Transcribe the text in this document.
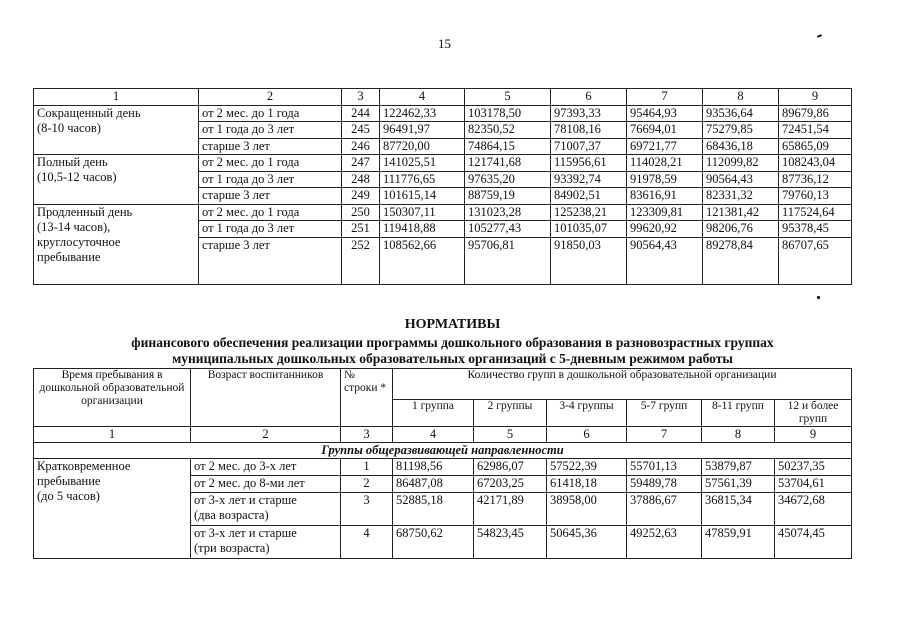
15
1	2	3	4	5	6	7	8	9

Сокращенный день
(8-10 часов)	от 2 мес. до 1 года	244	122462,33	103178,50	97393,33	95464,93	93536,64	89679,86
	от 1 года до 3 лет	245	96491,97	82350,52	78108,16	76694,01	75279,85	72451,54
	старше 3 лет	246	87720,00	74864,15	71007,37	69721,77	68436,18	65865,09

Полный день
(10,5-12 часов)	от 2 мес. до 1 года	247	141025,51	121741,68	115956,61	114028,21	112099,82	108243,04
	от 1 года до 3 лет	248	111776,65	97635,20	93392,74	91978,59	90564,43	87736,12
	старше 3 лет	249	101615,14	88759,19	84902,51	83616,91	82331,32	79760,13

Продленный день
(13-14 часов),
круглосуточное
пребывание	от 2 мес. до 1 года	250	150307,11	131023,28	125238,21	123309,81	121381,42	117524,64
	от 1 года до 3 лет	251	119418,88	105277,43	101035,07	99620,92	98206,76	95378,45
	старше 3 лет	252	108562,66	95706,81	91850,03	90564,43	89278,84	86707,65
НОРМАТИВЫ
финансового обеспечения реализации программы дошкольного образования в разновозрастных группах
муниципальных дошкольных образовательных организаций с 5-дневным режимом работы
Время пребывания в дошкольной образовательной организации	Возраст воспитанников	№ строки *	Количество групп в дошкольной образовательной организации					
			1 группа	2 группы	3-4 группы	5-7 групп	8-11 групп	12 и более групп
1	2	3	4	5	6	7	8	9
Группы общеразвивающей направленности								

Кратковременное
пребывание
(до 5 часов)	от 2 мес. до 3-х лет	1	81198,56	62986,07	57522,39	55701,13	53879,87	50237,35
	от 2 мес. до 8-ми лет	2	86487,08	67203,25	61418,18	59489,78	57561,39	53704,61

	от 3-х лет и старше
(два возраста)	3	52885,18	42171,89	38958,00	37886,67	36815,34	34672,68

	от 3-х лет и старше
(три возраста)	4	68750,62	54823,45	50645,36	49252,63	47859,91	45074,45
